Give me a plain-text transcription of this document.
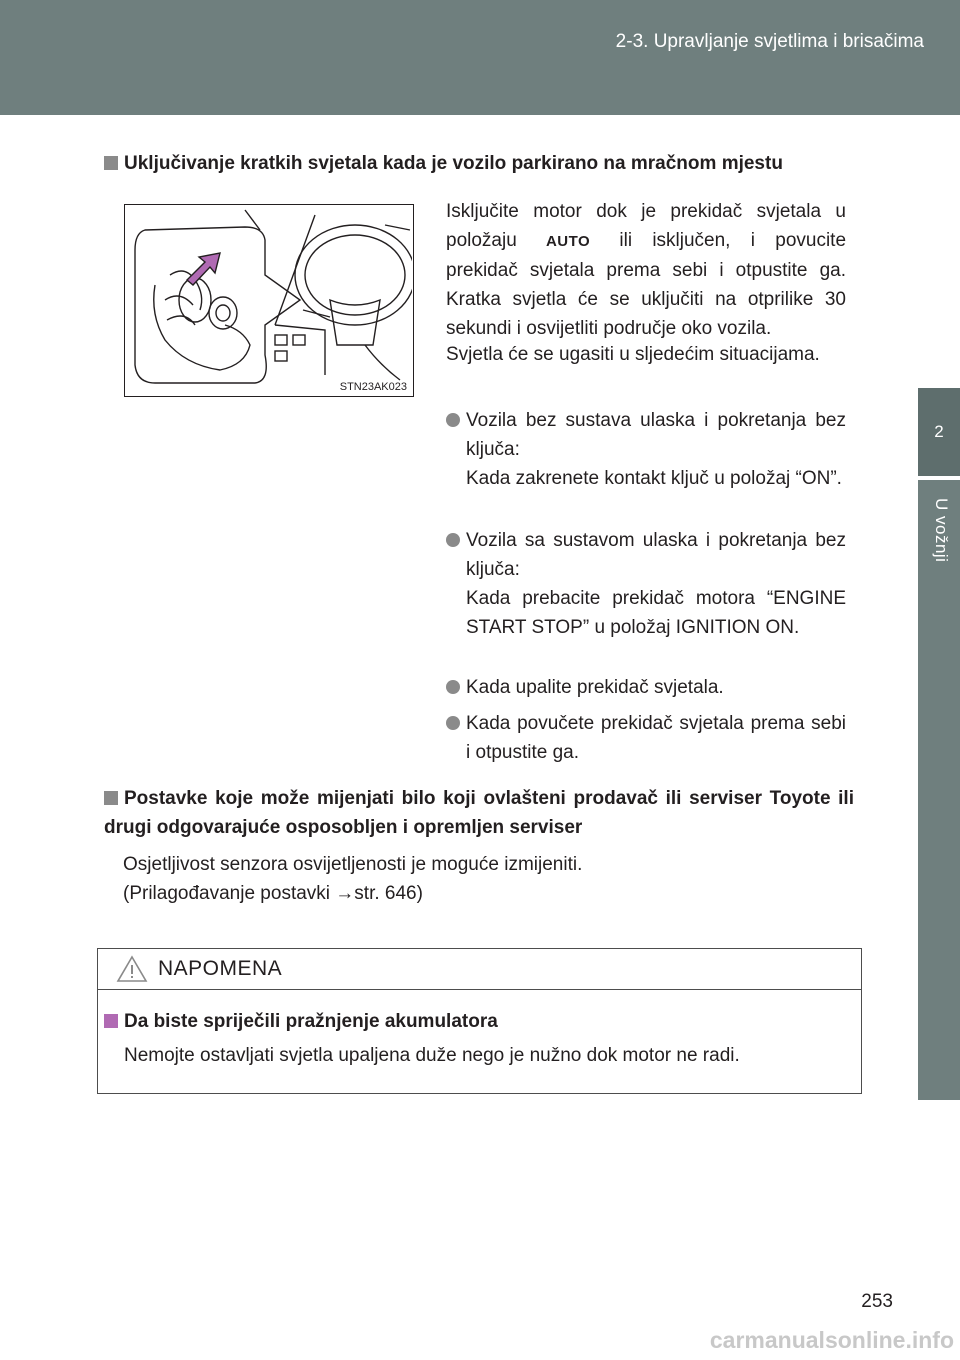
2-3. Upravljanje svjetlima i brisačima
2
U vožnji
Uključivanje kratkih svjetala kada je vozilo parkirano na mračnom mjestu
STN23AK023
Isključite motor dok je prekidač svjetala u položaju AUTO ili isključen, i povucite prekidač svjetala prema sebi i otpustite ga. Kratka svjetla će se uključiti na otprilike 30 sekundi i osvijetliti područje oko vozila.
Svjetla će se ugasiti u sljedećim situacijama.
Vozila bez sustava ulaska i pokretanja bez ključa:
Kada zakrenete kontakt ključ u položaj “ON”.
Vozila sa sustavom ulaska i pokretanja bez ključa:
Kada prebacite prekidač motora “ENGINE START STOP” u položaj IGNITION ON.
Kada upalite prekidač svjetala.
Kada povučete prekidač svjetala prema sebi i otpustite ga.
Postavke koje može mijenjati bilo koji ovlašteni prodavač ili serviser Toyote ili drugi odgovarajuće osposobljen i opremljen serviser
Osjetljivost senzora osvijetljenosti je moguće izmijeniti.
(Prilagođavanje postavki →str. 646)
NAPOMENA
Da biste spriječili pražnjenje akumulatora
Nemojte ostavljati svjetla upaljena duže nego je nužno dok motor ne radi.
253
carmanualsonline.info
